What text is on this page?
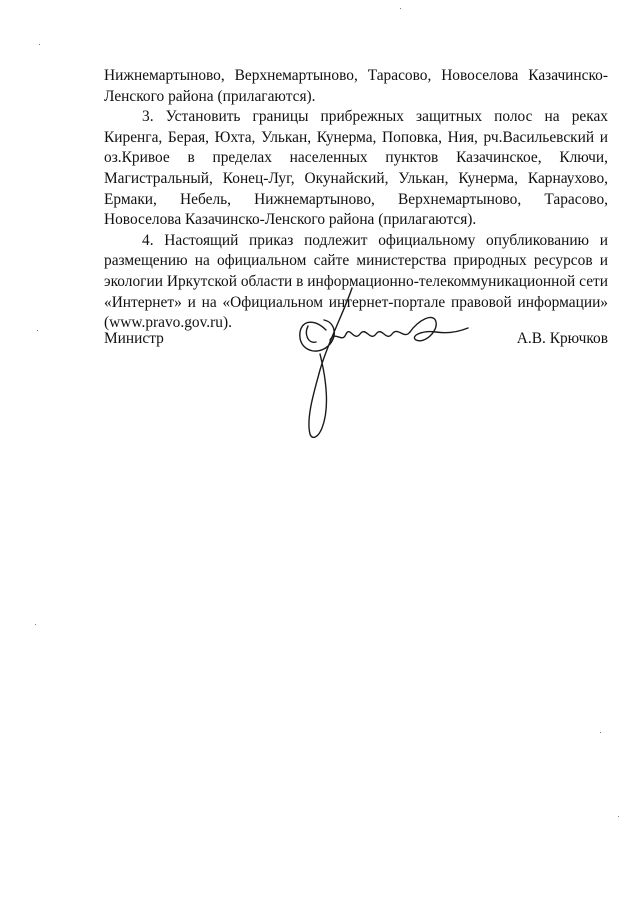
Нижнемартыново, Верхнемартыново, Тарасово, Новоселова Казачинско-Ленского района (прилагаются).

3. Установить границы прибрежных защитных полос на реках Киренга, Берая, Юхта, Улькан, Кунерма, Поповка, Ния, рч.Васильевский и оз.Кривое в пределах населенных пунктов Казачинское, Ключи, Магистральный, Конец-Луг, Окунайский, Улькан, Кунерма, Карнаухово, Ермаки, Небель, Нижнемартыново, Верхнемартыново, Тарасово, Новоселова Казачинско-Ленского района (прилагаются).

4. Настоящий приказ подлежит официальному опубликованию и размещению на официальном сайте министерства природных ресурсов и экологии Иркутской области в информационно-телекоммуникационной сети «Интернет» и на «Официальном интернет-портале правовой информации» (www.pravo.gov.ru).

Министр	А.В. Крючков
